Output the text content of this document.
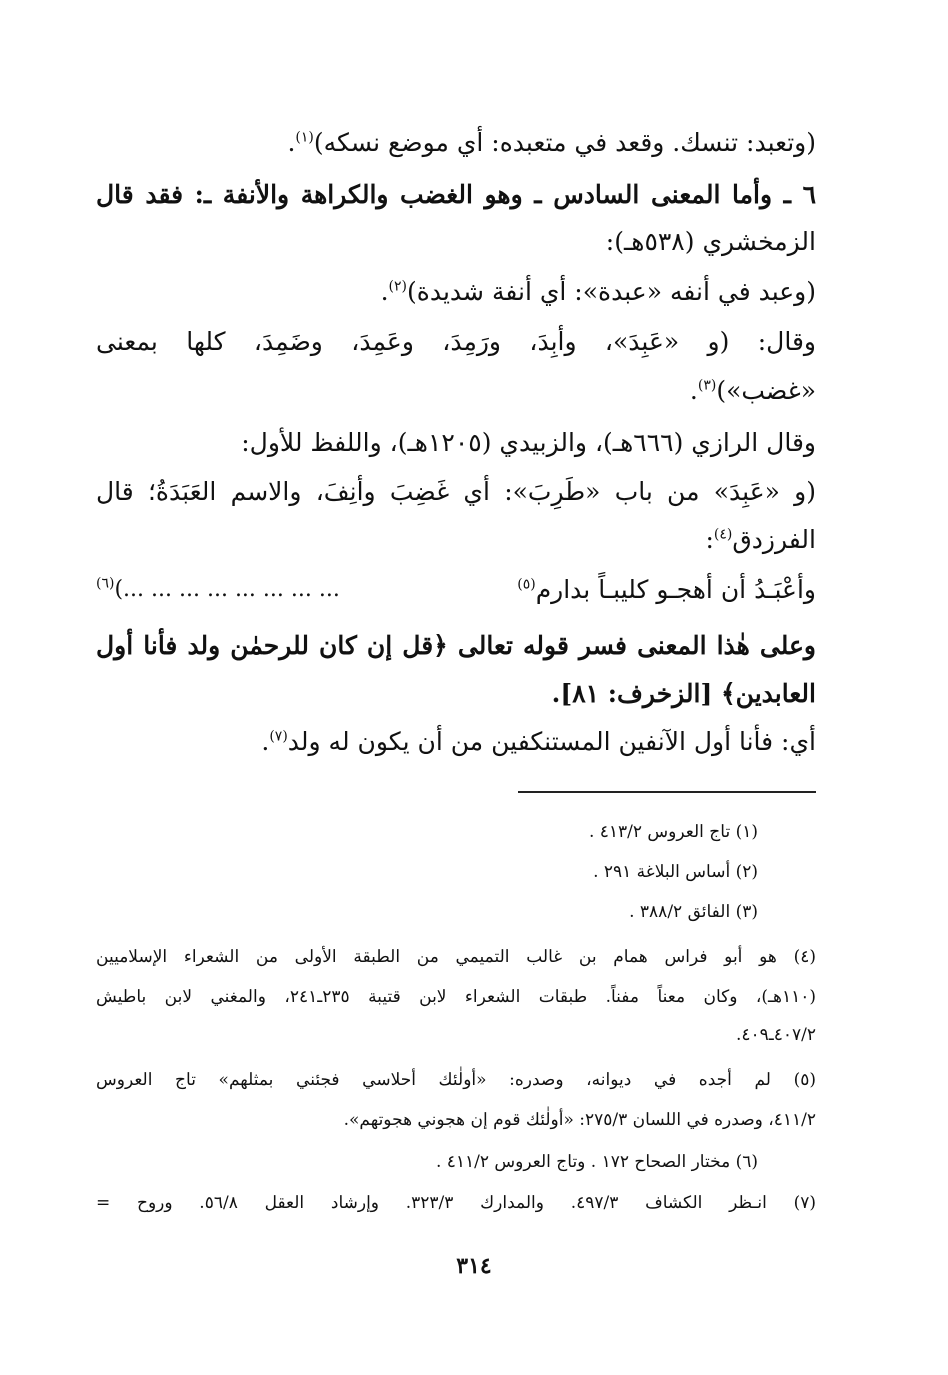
(وتعبد: تنسك. وقعد في متعبده: أي موضع نسكه)$^{(١)}$.
٦ ـ وأما المعنى السادس ـ وهو الغضب والكراهة والأنفة ـ: فقد قال
الزمخشري (٥٣٨هـ):
(وعبد في أنفه «عبدة»: أي أنفة شديدة)$^{(٢)}$.
وقال: (و «عَبِدَ»، وأبِدَ، ورَمِدَ، وعَمِدَ، وضَمِدَ، كلها بمعنى
«غضب»)$^{(٣)}$.
وقال الرازي (٦٦٦هـ)، والزبيدي (١٢٠٥هـ)، واللفظ للأول:
(و «عَبِدَ» من باب «طَرِبَ»: أي غَضِبَ وأنِفَ، والاسم العَبَدَةُ؛ قال
الفرزدق$^{(٤)}$:
وأعْبَـدُ أن أهجـو كليبـاً بدارم$^{(٥)}$
... ... ... ... ... ... ... ...)$^{(٦)}$
وعلى هٰذا المعنى فسر قوله تعالى ﴿قل إن كان للرحمٰن ولد فأنا أول
العابدين﴾ [الزخرف: ٨١].
أي: فأنا أول الآنفين المستنكفين من أن يكون له ولد$^{(٧)}$.
(١) تاج العروس ٤١٣/٢ .
(٢) أساس البلاغة ٢٩١ .
(٣) الفائق ٣٨٨/٢ .
(٤) هو أبو فراس همام بن غالب التميمي من الطبقة الأولى من الشعراء الإسلاميين
(١١٠هـ)، وكان معناً مفناً. طبقات الشعراء لابن قتيبة ٢٣٥ـ٢٤١، والمغني لابن باطيش
٤٠٧/٢ـ٤٠٩.
(٥) لم أجده في ديوانه، وصدره: «أولٰئك أحلاسي فجئني بمثلهم» تاج العروس
٤١١/٢، وصدره في اللسان ٢٧٥/٣: «أولٰئك قوم إن هجوني هجوتهم».
(٦) مختار الصحاح ١٧٢ . وتاج العروس ٤١١/٢ .
(٧) انـظر الكشاف ٤٩٧/٣. والمدارك ٣٢٣/٣. وإرشاد العقل ٥٦/٨. وروح =
٣١٤
